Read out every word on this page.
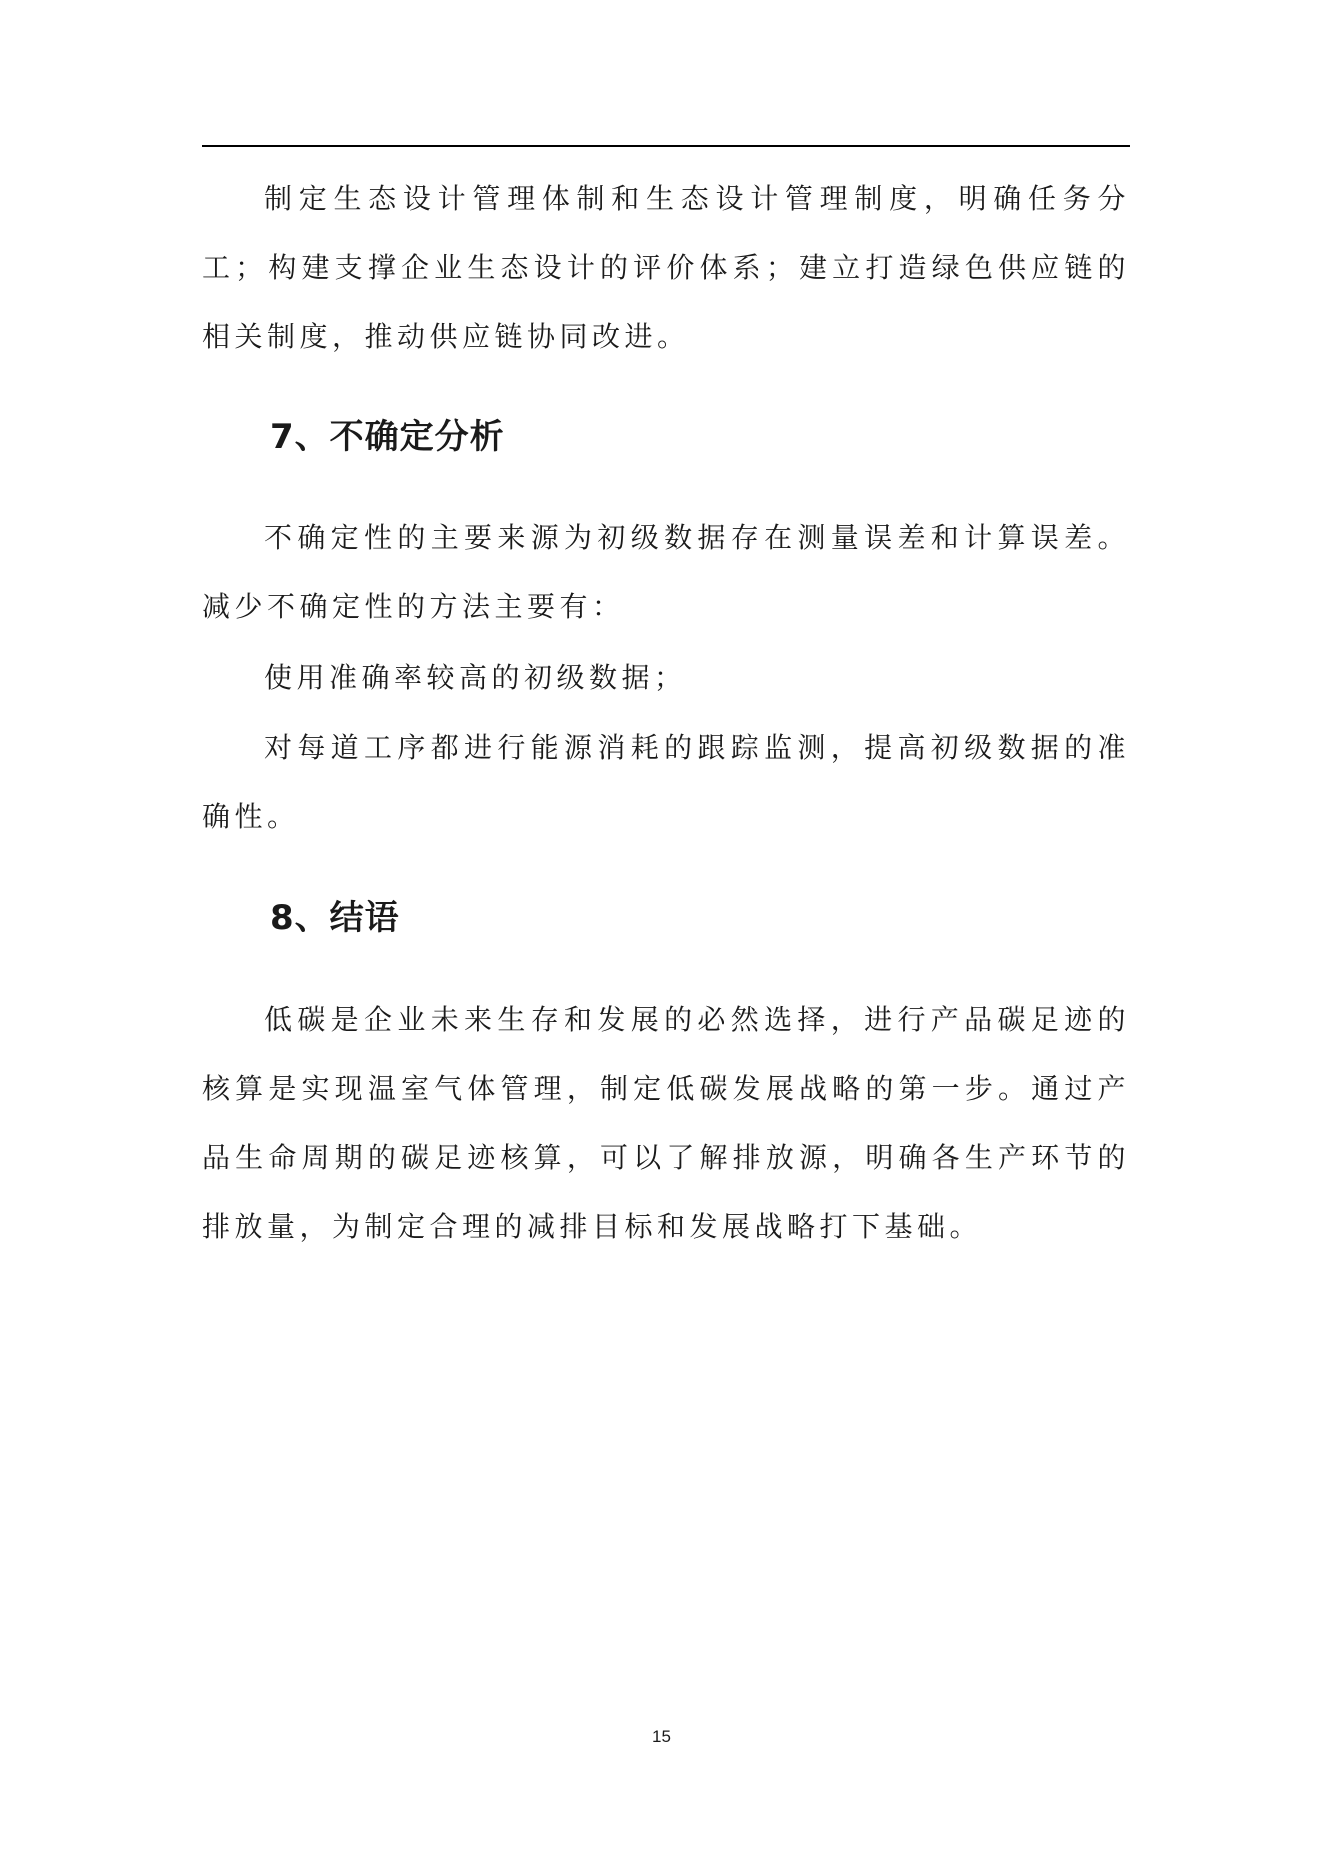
制定生态设计管理体制和生态设计管理制度，明确任务分工；构建支撑企业生态设计的评价体系；建立打造绿色供应链的相关制度，推动供应链协同改进。

7、不确定分析

不确定性的主要来源为初级数据存在测量误差和计算误差。减少不确定性的方法主要有：

使用准确率较高的初级数据；

对每道工序都进行能源消耗的跟踪监测，提高初级数据的准确性。

8、结语

低碳是企业未来生存和发展的必然选择，进行产品碳足迹的核算是实现温室气体管理，制定低碳发展战略的第一步。通过产品生命周期的碳足迹核算，可以了解排放源，明确各生产环节的排放量，为制定合理的减排目标和发展战略打下基础。

15
